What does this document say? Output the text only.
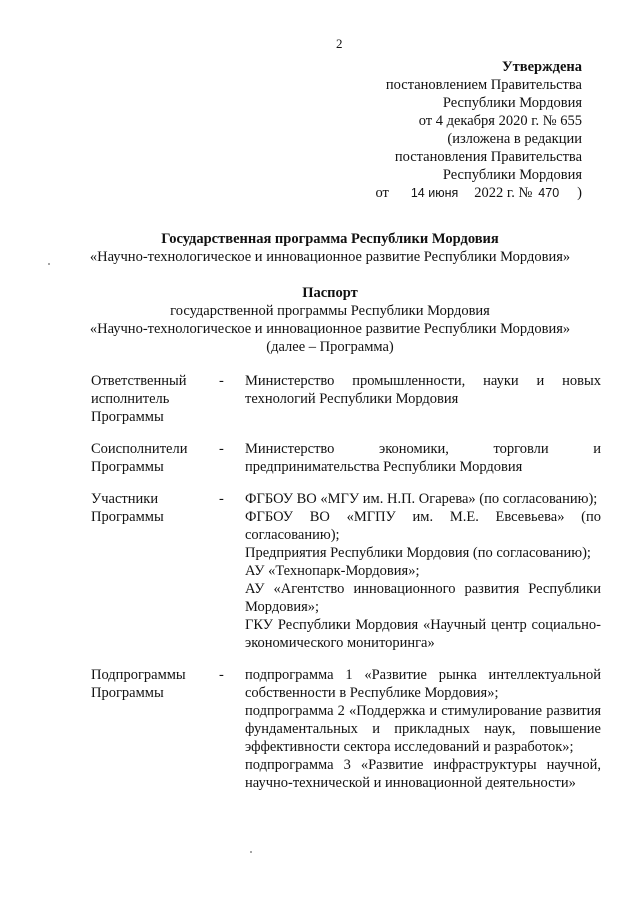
2
Утверждена
постановлением Правительства
Республики Мордовия
от 4 декабря 2020 г. № 655
(изложена в редакции
постановления Правительства
Республики Мордовия
от 14 июня 2022 г. № 470 )
Государственная программа Республики Мордовия
«Научно-технологическое и инновационное развитие Республики Мордовия»
Паспорт
государственной программы Республики Мордовия
«Научно-технологическое и инновационное развитие Республики Мордовия»
(далее – Программа)
Ответственный исполнитель Программы
-	Министерство промышленности, науки и новых технологий Республики Мордовия
Соисполнители Программы
-	Министерство экономики, торговли и предпринимательства Республики Мордовия
Участники Программы
-	ФГБОУ ВО «МГУ им. Н.П. Огарева» (по согласованию);
ФГБОУ ВО «МГПУ им. М.Е. Евсевьева» (по согласованию);
Предприятия Республики Мордовия (по согласованию);
АУ «Технопарк-Мордовия»;
АУ «Агентство инновационного развития Республики Мордовия»;
ГКУ Республики Мордовия «Научный центр социально-экономического мониторинга»
Подпрограммы Программы
-	подпрограмма 1 «Развитие рынка интеллектуальной собственности в Республике Мордовия»;
подпрограмма 2 «Поддержка и стимулирование развития фундаментальных и прикладных наук, повышение эффективности сектора исследований и разработок»;
подпрограмма 3 «Развитие инфраструктуры научной, научно-технической и инновационной деятельности»
